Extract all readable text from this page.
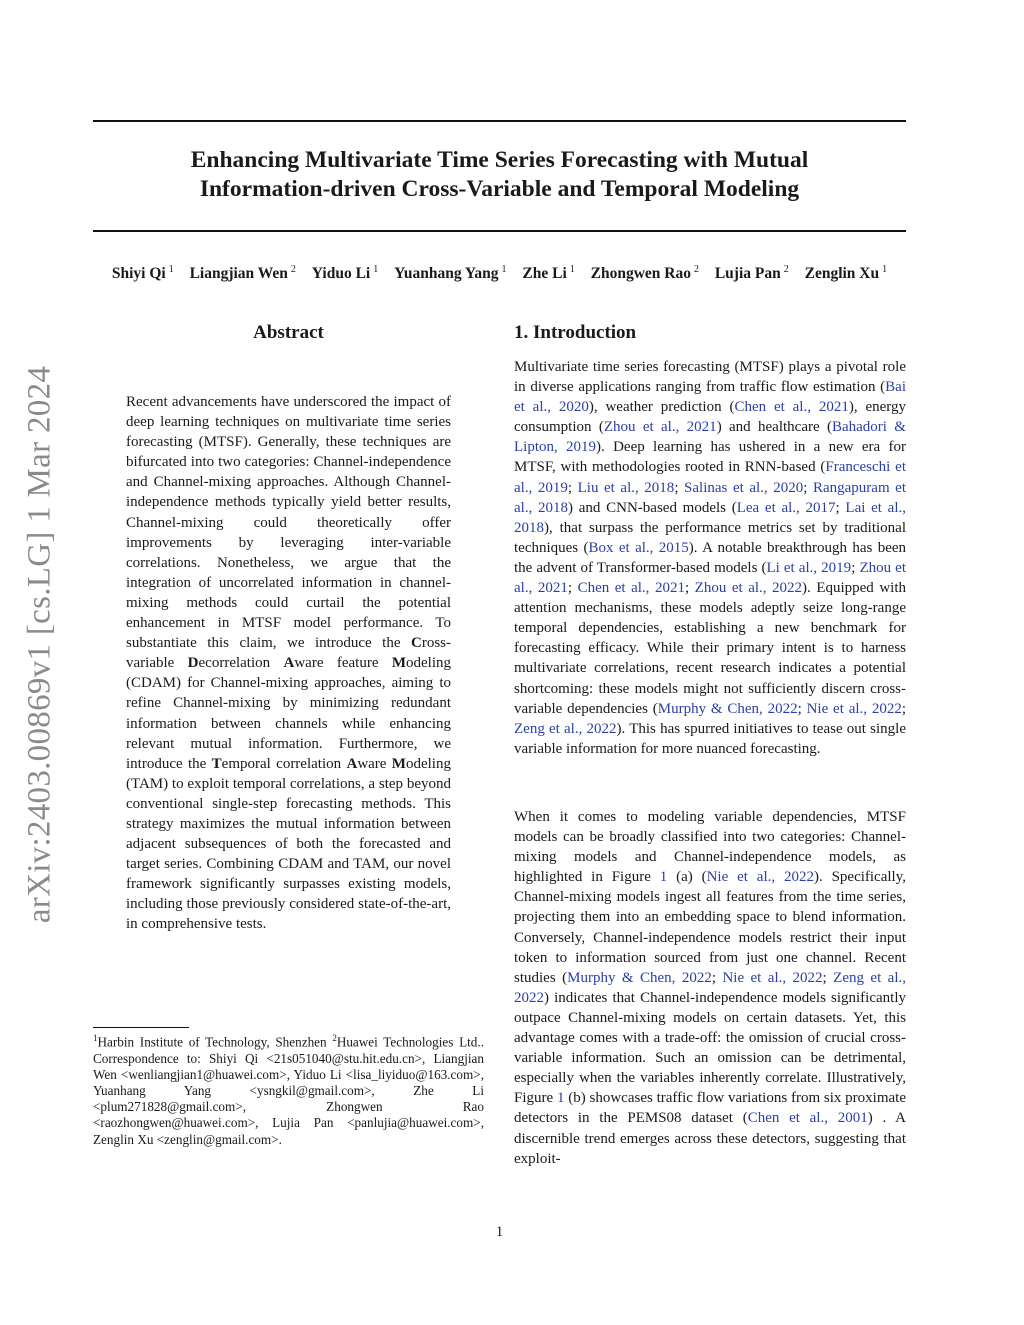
arXiv:2403.00869v1 [cs.LG] 1 Mar 2024
Enhancing Multivariate Time Series Forecasting with Mutual
Information-driven Cross-Variable and Temporal Modeling
Shiyi Qi $^1$ Liangjian Wen $^2$ Yiduo Li $^1$ Yuanhang Yang $^1$ Zhe Li $^1$ Zhongwen Rao $^2$ Lujia Pan $^2$ Zenglin Xu $^1$
Abstract

Recent advancements have underscored the impact of deep learning techniques on multivariate time series forecasting (MTSF). Generally, these techniques are bifurcated into two categories: Channel-independence and Channel-mixing approaches. Although Channel-independence methods typically yield better results, Channel-mixing could theoretically offer improvements by leveraging inter-variable correlations. Nonetheless, we argue that the integration of uncorrelated information in channel-mixing methods could curtail the potential enhancement in MTSF model performance. To substantiate this claim, we introduce the Cross-variable Decorrelation Aware feature Modeling (CDAM) for Channel-mixing approaches, aiming to refine Channel-mixing by minimizing redundant information between channels while enhancing relevant mutual information. Furthermore, we introduce the Temporal correlation Aware Modeling (TAM) to exploit temporal correlations, a step beyond conventional single-step forecasting methods. This strategy maximizes the mutual information between adjacent subsequences of both the forecasted and target series. Combining CDAM and TAM, our novel framework significantly surpasses existing models, including those previously considered state-of-the-art, in comprehensive tests.

$^1$Harbin Institute of Technology, Shenzhen $^2$Huawei Technologies Ltd.. Correspondence to: Shiyi Qi <21s051040@stu.hit.edu.cn>, Liangjian Wen <wenliangjian1@huawei.com>, Yiduo Li <lisa_liyiduo@163.com>, Yuanhang Yang <ysngkil@gmail.com>, Zhe Li <plum271828@gmail.com>, Zhongwen Rao <raozhongwen@huawei.com>, Lujia Pan <panlujia@huawei.com>, Zenglin Xu <zenglin@gmail.com>.

1. Introduction

Multivariate time series forecasting (MTSF) plays a pivotal role in diverse applications ranging from traffic flow estimation (Bai et al., 2020), weather prediction (Chen et al., 2021), energy consumption (Zhou et al., 2021) and healthcare (Bahadori & Lipton, 2019). Deep learning has ushered in a new era for MTSF, with methodologies rooted in RNN-based (Franceschi et al., 2019; Liu et al., 2018; Salinas et al., 2020; Rangapuram et al., 2018) and CNN-based models (Lea et al., 2017; Lai et al., 2018), that surpass the performance metrics set by traditional techniques (Box et al., 2015). A notable breakthrough has been the advent of Transformer-based models (Li et al., 2019; Zhou et al., 2021; Chen et al., 2021; Zhou et al., 2022). Equipped with attention mechanisms, these models adeptly seize long-range temporal dependencies, establishing a new benchmark for forecasting efficacy. While their primary intent is to harness multivariate correlations, recent research indicates a potential shortcoming: these models might not sufficiently discern cross-variable dependencies (Murphy & Chen, 2022; Nie et al., 2022; Zeng et al., 2022). This has spurred initiatives to tease out single variable information for more nuanced forecasting.

When it comes to modeling variable dependencies, MTSF models can be broadly classified into two categories: Channel-mixing models and Channel-independence models, as highlighted in Figure 1 (a) (Nie et al., 2022). Specifically, Channel-mixing models ingest all features from the time series, projecting them into an embedding space to blend information. Conversely, Channel-independence models restrict their input token to information sourced from just one channel. Recent studies (Murphy & Chen, 2022; Nie et al., 2022; Zeng et al., 2022) indicates that Channel-independence models significantly outpace Channel-mixing models on certain datasets. Yet, this advantage comes with a trade-off: the omission of crucial cross-variable information. Such an omission can be detrimental, especially when the variables inherently correlate. Illustratively, Figure 1 (b) showcases traffic flow variations from six proximate detectors in the PEMS08 dataset (Chen et al., 2001) . A discernible trend emerges across these detectors, suggesting that exploit-

1
